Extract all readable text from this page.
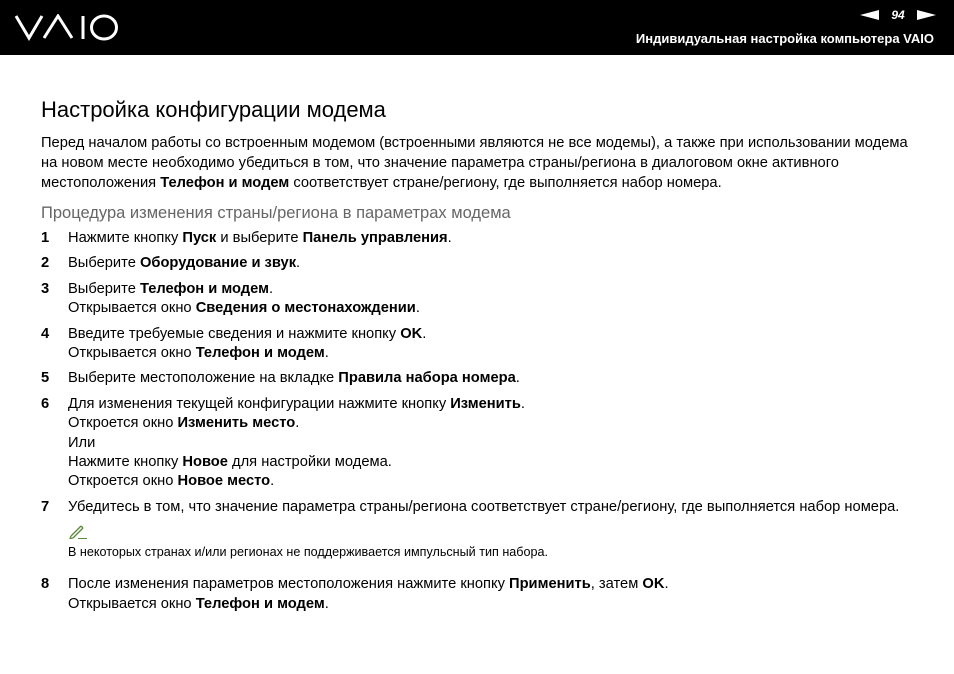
94
Индивидуальная настройка компьютера VAIO
Настройка конфигурации модема

Перед началом работы со встроенным модемом (встроенными являются не все модемы), а также при использовании модема на новом месте необходимо убедиться в том, что значение параметра страны/региона в диалоговом окне активного местоположения Телефон и модем соответствует стране/региону, где выполняется набор номера.

Процедура изменения страны/региона в параметрах модема
1 Нажмите кнопку Пуск и выберите Панель управления.
2 Выберите Оборудование и звук.
3 Выберите Телефон и модем.
Открывается окно Сведения о местонахождении.
4 Введите требуемые сведения и нажмите кнопку OK.
Открывается окно Телефон и модем.
5 Выберите местоположение на вкладке Правила набора номера.
6 Для изменения текущей конфигурации нажмите кнопку Изменить.
Откроется окно Изменить место.
Или
Нажмите кнопку Новое для настройки модема.
Откроется окно Новое место.
7 Убедитесь в том, что значение параметра страны/региона соответствует стране/региону, где выполняется набор номера.
В некоторых странах и/или регионах не поддерживается импульсный тип набора.
8 После изменения параметров местоположения нажмите кнопку Применить, затем OK.
Открывается окно Телефон и модем.
